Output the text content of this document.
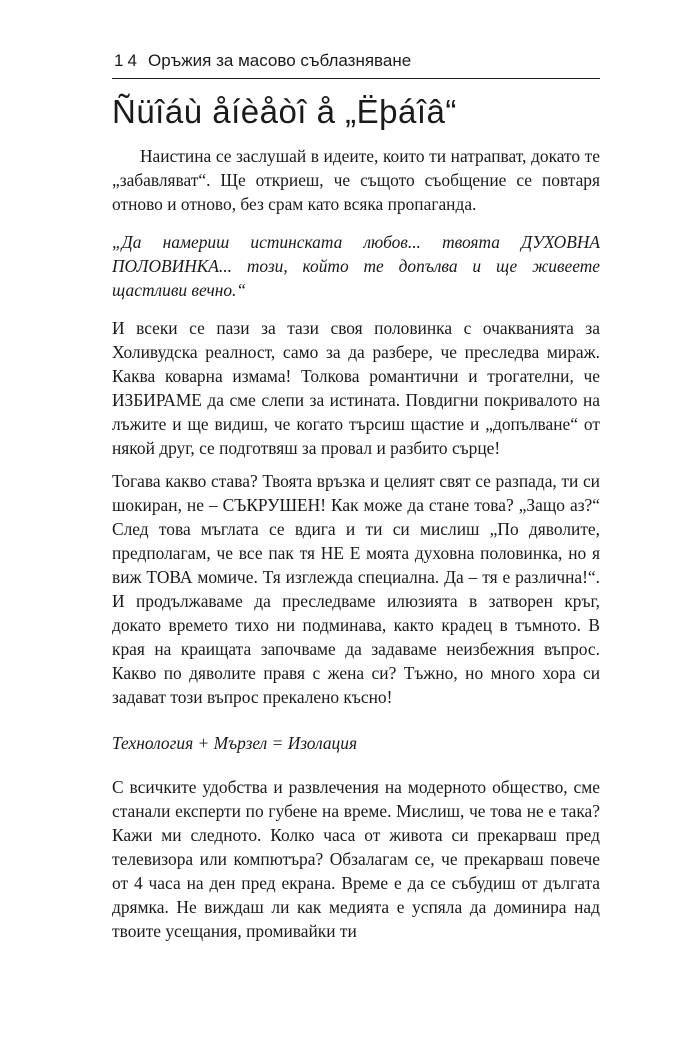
14 Оръжия за масово съблазняване
Ñüîáù åíèåòî å „Ëþáîâ“

Наистина се заслушай в идеите, които ти натрапват, докато те „забавляват“. Ще откриеш, че същото съобщение се повтаря отново и отново, без срам като всяка пропаганда.

„Да намериш истинската любов... твоята ДУХОВНА ПОЛОВИНКА... този, който те допълва и ще живеете щастливи вечно.“

И всеки се пази за тази своя половинка с очакванията за Холивудска реалност, само за да разбере, че преследва мираж. Каква коварна измама! Толкова романтични и трогателни, че ИЗБИРАМЕ да сме слепи за истината. Повдигни покривалото на лъжите и ще видиш, че когато търсиш щастие и „допълване“ от някой друг, се подготвяш за провал и разбито сърце!

Тогава какво става? Твоята връзка и целият свят се разпада, ти си шокиран, не – СЪКРУШЕН! Как може да стане това? „Защо аз?“ След това мъглата се вдига и ти си мислиш „По дяволите, предполагам, че все пак тя НЕ Е моята духовна половинка, но я виж ТОВА момиче. Тя изглежда специална. Да – тя е различна!“. И продължаваме да преследваме илюзията в затворен кръг, докато времето тихо ни подминава, както крадец в тъмното. В края на краищата започваме да задаваме неизбежния въпрос. Какво по дяволите правя с жена си? Тъжно, но много хора си задават този въпрос прекалено късно!

Технология + Мързел = Изолация

С всичките удобства и развлечения на модерното общество, сме станали експерти по губене на време. Мислиш, че това не е така? Кажи ми следното. Колко часа от живота си прекарваш пред телевизора или компютъра? Обзалагам се, че прекарваш повече от 4 часа на ден пред екрана. Време е да се събудиш от дългата дрямка. Не виждаш ли как медията е успяла да доминира над твоите усещания, промивайки ти
